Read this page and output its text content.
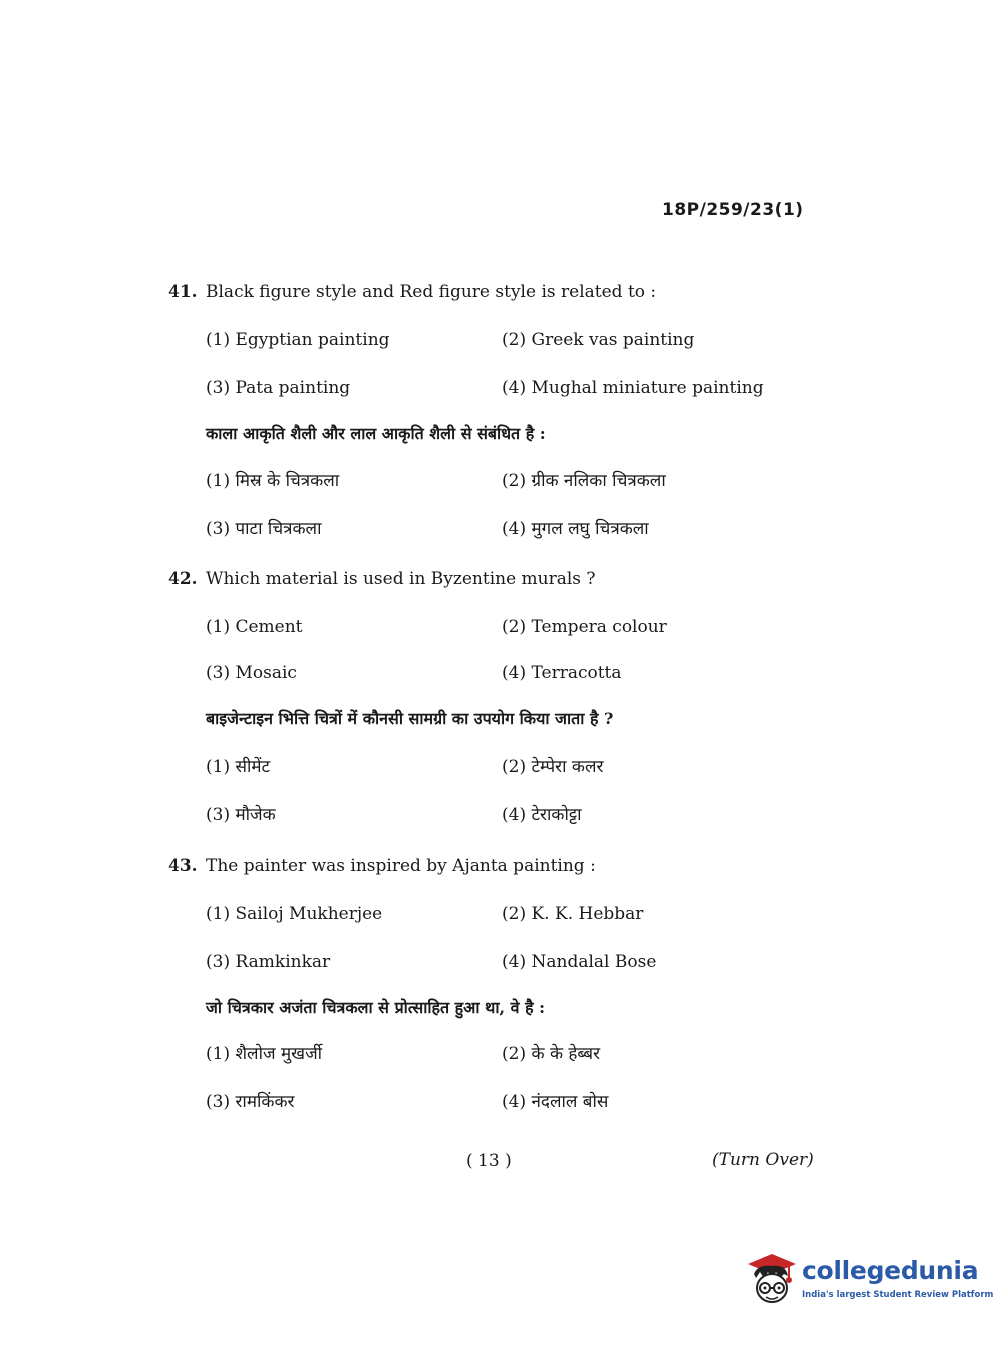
18P/259/23(1)
41. Black figure style and Red figure style is related to :
(1) Egyptian painting	(2) Greek vas painting
(3) Pata painting	(4) Mughal miniature painting
काला आकृति शैली और लाल आकृति शैली से संबंधित है :
(1) मिस्र के चित्रकला	(2) ग्रीक नलिका चित्रकला
(3) पाटा चित्रकला	(4) मुगल लघु चित्रकला
42. Which material is used in Byzentine murals ?
(1) Cement	(2) Tempera colour
(3) Mosaic	(4) Terracotta
बाइजेन्टाइन भित्ति चित्रों में कौनसी सामग्री का उपयोग किया जाता है ?
(1) सीमेंट	(2) टेम्पेरा कलर
(3) मौजेक	(4) टेराकोट्टा
43. The painter was inspired by Ajanta painting :
(1) Sailoj Mukherjee	(2) K. K. Hebbar
(3) Ramkinkar	(4) Nandalal Bose
जो चित्रकार अजंता चित्रकला से प्रोत्साहित हुआ था, वे है :
(1) शैलोज मुखर्जी	(2) के के हेब्बर
(3) रामकिंकर	(4) नंदलाल बोस
( 13 )	(Turn Over)
collegedunia
India's largest Student Review Platform
